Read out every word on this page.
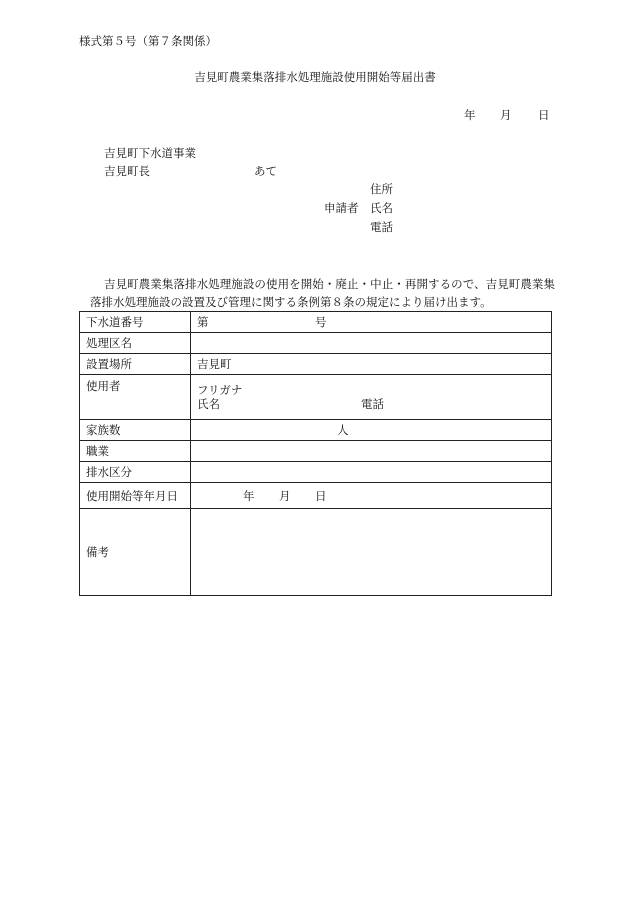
様式第５号（第７条関係）
吉見町農業集落排水処理施設使用開始等届出書
年 月 日
吉見町下水道事業
吉見町長	あて
住所
申請者 氏名
電話
吉見町農業集落排水処理施設の使用を開始・廃止・中止・再開するので、吉見町農業集落排水処理施設の設置及び管理に関する条例第８条の規定により届け出ます。
下水道番号	第 号
処理区名	
設置場所	吉見町
使用者	フリガナ
氏名 電話

家族数	人
職業	
排水区分	
使用開始等年月日	年 月 日
備考	
